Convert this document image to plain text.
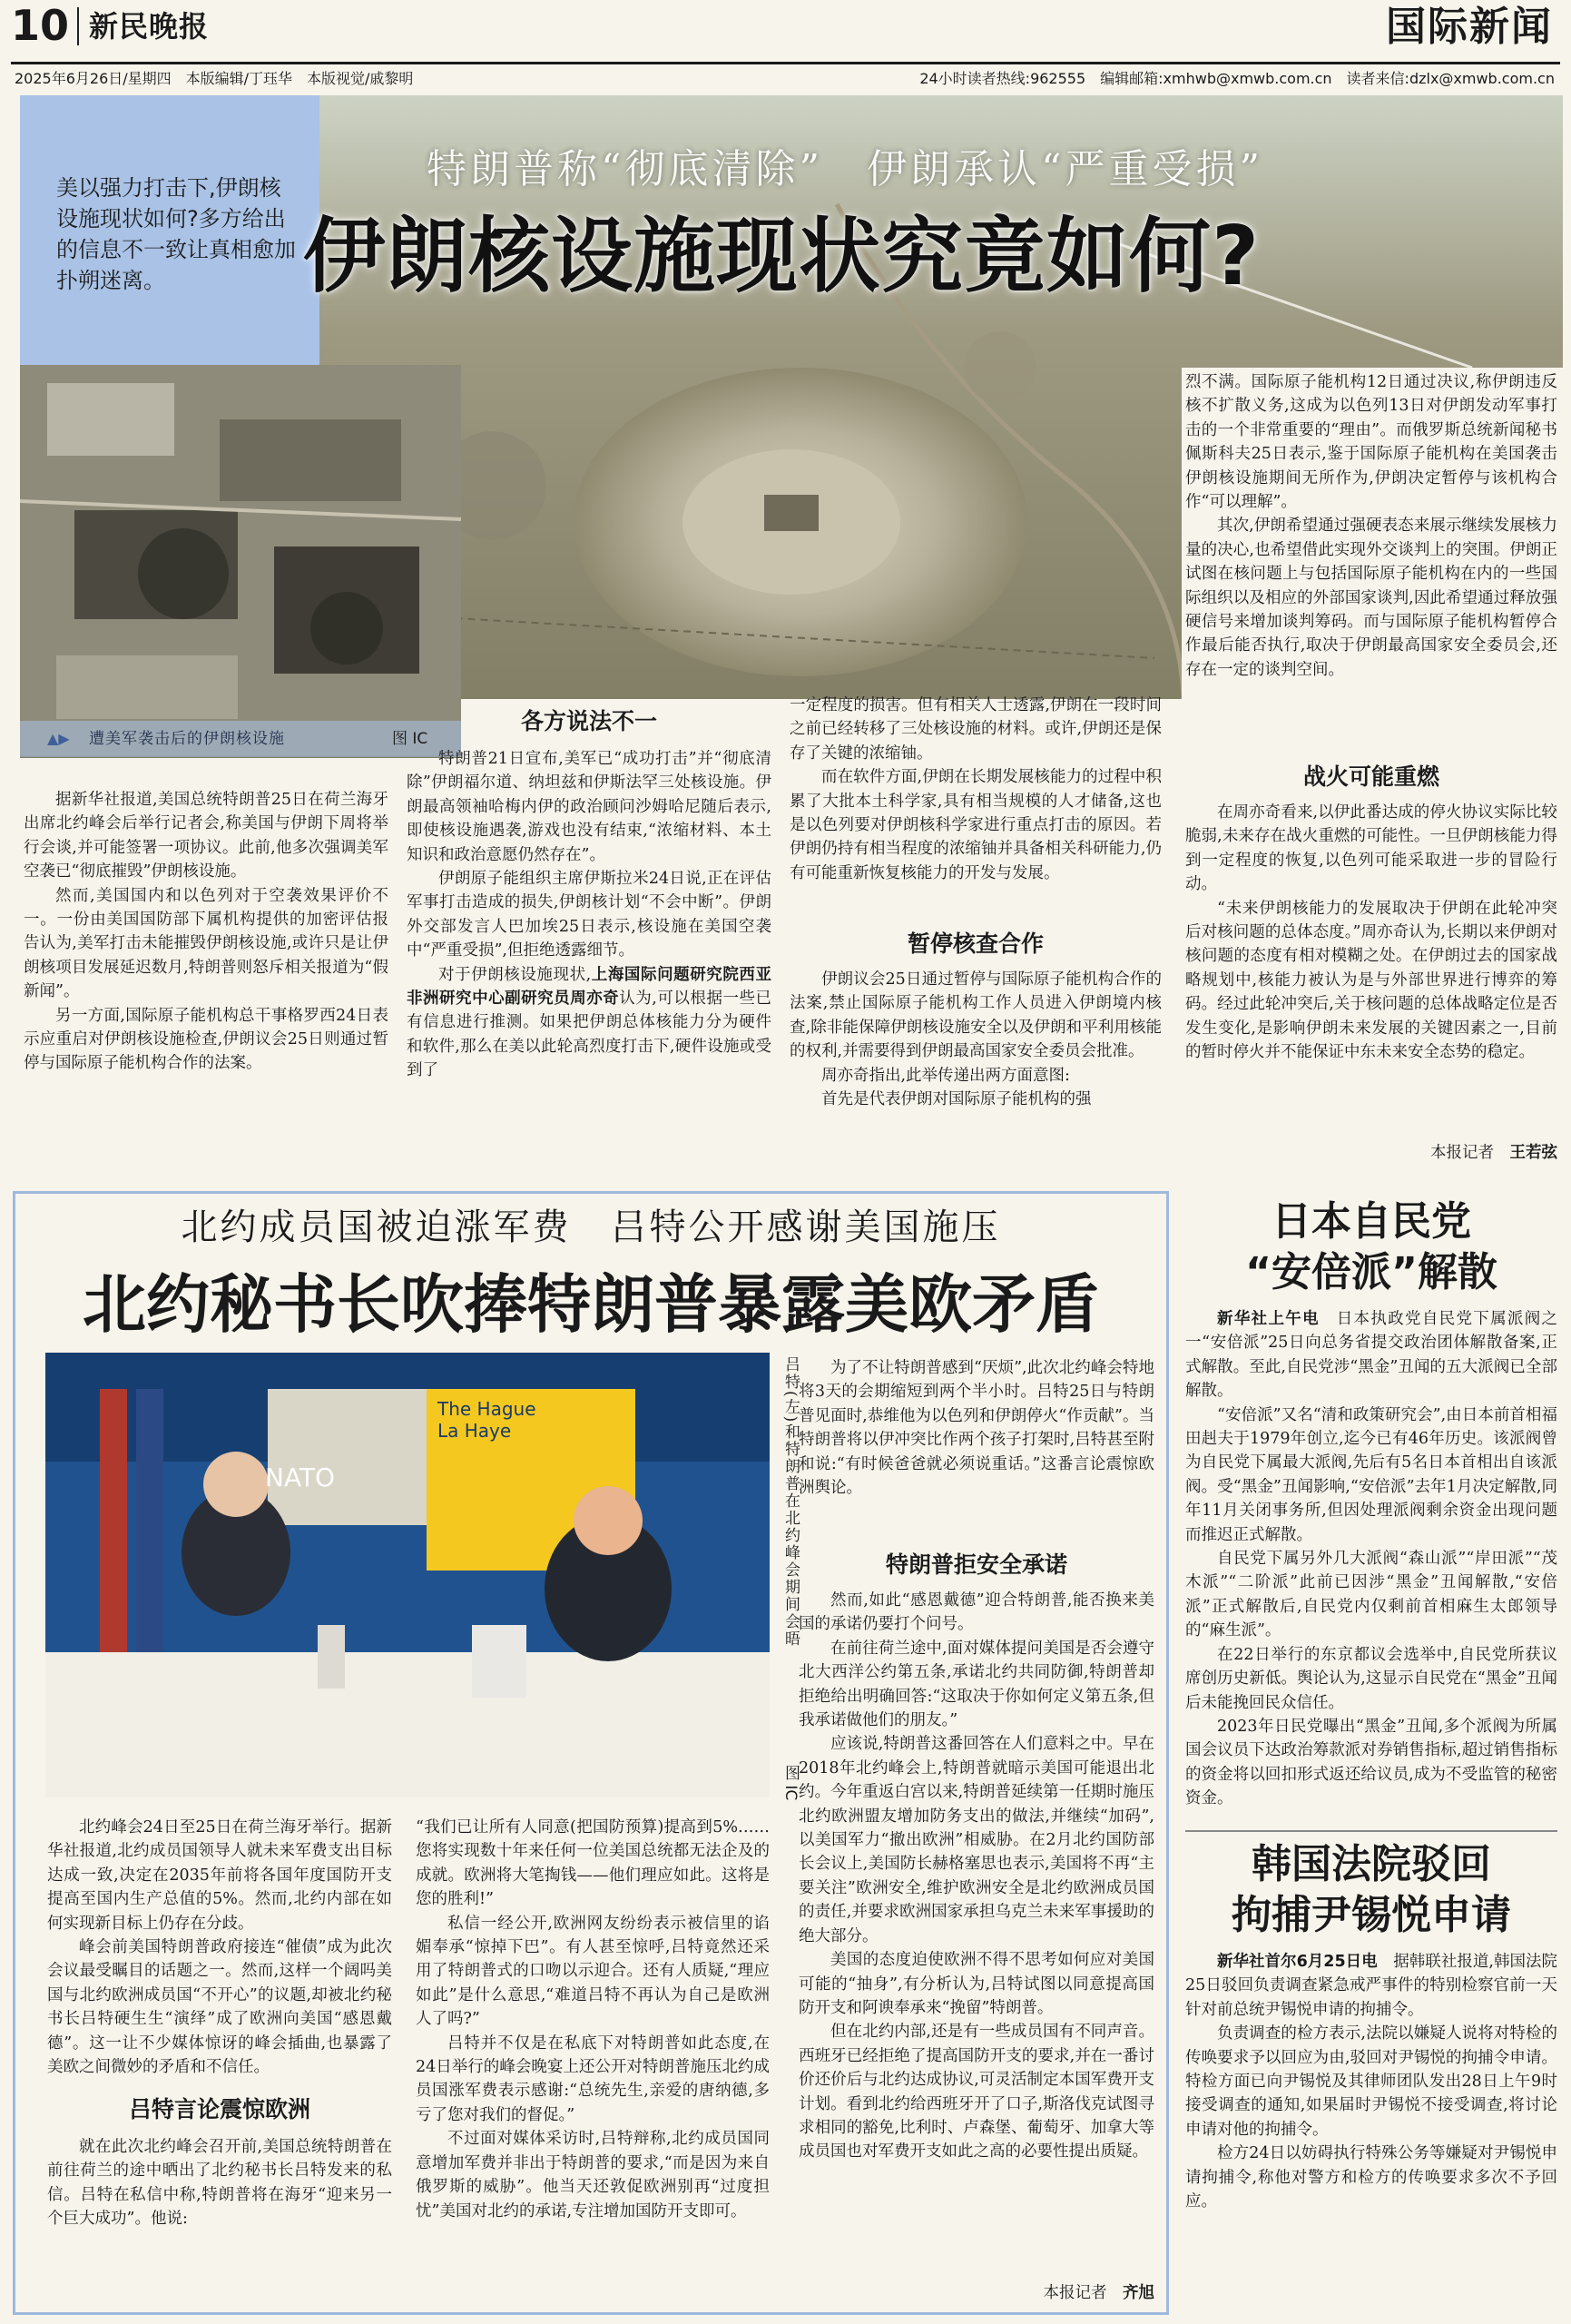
10 新民晚报	国际新闻
2025年6月26日/星期四　本版编辑/丁珏华　本版视觉/戚黎明	24小时读者热线:962555　编辑邮箱:xmhwb@xmwb.com.cn　读者来信:dzlx@xmwb.com.cn
美以强力打击下,伊朗核设施现状如何?多方给出的信息不一致让真相愈加扑朔迷离。
▲▶ 遭美军袭击后的伊朗核设施	图 IC
特朗普称“彻底清除”　伊朗承认“严重受损”
伊朗核设施现状究竟如何?

据新华社报道,美国总统特朗普25日在荷兰海牙出席北约峰会后举行记者会,称美国与伊朗下周将举行会谈,并可能签署一项协议。此前,他多次强调美军空袭已“彻底摧毁”伊朗核设施。

然而,美国国内和以色列对于空袭效果评价不一。一份由美国国防部下属机构提供的加密评估报告认为,美军打击未能摧毁伊朗核设施,或许只是让伊朗核项目发展延迟数月,特朗普则怒斥相关报道为“假新闻”。

另一方面,国际原子能机构总干事格罗西24日表示应重启对伊朗核设施检查,伊朗议会25日则通过暂停与国际原子能机构合作的法案。

各方说法不一

特朗普21日宣布,美军已“成功打击”并“彻底清除”伊朗福尔道、纳坦兹和伊斯法罕三处核设施。伊朗最高领袖哈梅内伊的政治顾问沙姆哈尼随后表示,即使核设施遇袭,游戏也没有结束,“浓缩材料、本土知识和政治意愿仍然存在”。

伊朗原子能组织主席伊斯拉米24日说,正在评估军事打击造成的损失,伊朗核计划“不会中断”。伊朗外交部发言人巴加埃25日表示,核设施在美国空袭中“严重受损”,但拒绝透露细节。

对于伊朗核设施现状,上海国际问题研究院西亚非洲研究中心副研究员周亦奇认为,可以根据一些已有信息进行推测。如果把伊朗总体核能力分为硬件和软件,那么在美以此轮高烈度打击下,硬件设施或受到了

一定程度的损害。但有相关人士透露,伊朗在一段时间之前已经转移了三处核设施的材料。或许,伊朗还是保存了关键的浓缩铀。

而在软件方面,伊朗在长期发展核能力的过程中积累了大批本土科学家,具有相当规模的人才储备,这也是以色列要对伊朗核科学家进行重点打击的原因。若伊朗仍持有相当程度的浓缩铀并具备相关科研能力,仍有可能重新恢复核能力的开发与发展。

暂停核查合作

伊朗议会25日通过暂停与国际原子能机构合作的法案,禁止国际原子能机构工作人员进入伊朗境内核查,除非能保障伊朗核设施安全以及伊朗和平利用核能的权利,并需要得到伊朗最高国家安全委员会批准。

周亦奇指出,此举传递出两方面意图:

首先是代表伊朗对国际原子能机构的强

烈不满。国际原子能机构12日通过决议,称伊朗违反核不扩散义务,这成为以色列13日对伊朗发动军事打击的一个非常重要的“理由”。而俄罗斯总统新闻秘书佩斯科夫25日表示,鉴于国际原子能机构在美国袭击伊朗核设施期间无所作为,伊朗决定暂停与该机构合作“可以理解”。

其次,伊朗希望通过强硬表态来展示继续发展核力量的决心,也希望借此实现外交谈判上的突围。伊朗正试图在核问题上与包括国际原子能机构在内的一些国际组织以及相应的外部国家谈判,因此希望通过释放强硬信号来增加谈判筹码。而与国际原子能机构暂停合作最后能否执行,取决于伊朗最高国家安全委员会,还存在一定的谈判空间。

战火可能重燃

在周亦奇看来,以伊此番达成的停火协议实际比较脆弱,未来存在战火重燃的可能性。一旦伊朗核能力得到一定程度的恢复,以色列可能采取进一步的冒险行动。

“未来伊朗核能力的发展取决于伊朗在此轮冲突后对核问题的总体态度。”周亦奇认为,长期以来伊朗对核问题的态度有相对模糊之处。在伊朗过去的国家战略规划中,核能力被认为是与外部世界进行博弈的筹码。经过此轮冲突后,关于核问题的总体战略定位是否发生变化,是影响伊朗未来发展的关键因素之一,目前的暂时停火并不能保证中东未来安全态势的稳定。

本报记者　 王若弦
北约成员国被迫涨军费　吕特公开感谢美国施压
北约秘书长吹捧特朗普暴露美欧矛盾
NATO
The Hague
La Haye	吕特(左)和特朗普在北约峰会期间会晤
图 IC

北约峰会24日至25日在荷兰海牙举行。据新华社报道,北约成员国领导人就未来军费支出目标达成一致,决定在2035年前将各国年度国防开支提高至国内生产总值的5%。然而,北约内部在如何实现新目标上仍存在分歧。

峰会前美国特朗普政府接连“催债”成为此次会议最受瞩目的话题之一。然而,这样一个阔吗美国与北约欧洲成员国“不开心”的议题,却被北约秘书长吕特硬生生“演绎”成了欧洲向美国“感恩戴德”。这一让不少媒体惊讶的峰会插曲,也暴露了美欧之间微妙的矛盾和不信任。

吕特言论震惊欧洲

就在此次北约峰会召开前,美国总统特朗普在前往荷兰的途中晒出了北约秘书长吕特发来的私信。吕特在私信中称,特朗普将在海牙“迎来另一个巨大成功”。他说:

“我们已让所有人同意(把国防预算)提高到5%……您将实现数十年来任何一位美国总统都无法企及的成就。欧洲将大笔掏钱——他们理应如此。这将是您的胜利!”

私信一经公开,欧洲网友纷纷表示被信里的谄媚奉承“惊掉下巴”。有人甚至惊呼,吕特竟然还采用了特朗普式的口吻以示迎合。还有人质疑,“理应如此”是什么意思,“难道吕特不再认为自己是欧洲人了吗?”

吕特并不仅是在私底下对特朗普如此态度,在24日举行的峰会晚宴上还公开对特朗普施压北约成员国涨军费表示感谢:“总统先生,亲爱的唐纳德,多亏了您对我们的督促。”

不过面对媒体采访时,吕特辩称,北约成员国同意增加军费并非出于特朗普的要求,“而是因为来自俄罗斯的威胁”。他当天还敦促欧洲别再“过度担忧”美国对北约的承诺,专注增加国防开支即可。

为了不让特朗普感到“厌烦”,此次北约峰会特地将3天的会期缩短到两个半小时。吕特25日与特朗普见面时,恭维他为以色列和伊朗停火“作贡献”。当特朗普将以伊冲突比作两个孩子打架时,吕特甚至附和说:“有时候爸爸就必须说重话。”这番言论震惊欧洲舆论。

特朗普拒安全承诺

然而,如此“感恩戴德”迎合特朗普,能否换来美国的承诺仍要打个问号。

在前往荷兰途中,面对媒体提问美国是否会遵守北大西洋公约第五条,承诺北约共同防御,特朗普却拒绝给出明确回答:“这取决于你如何定义第五条,但我承诺做他们的朋友。”

应该说,特朗普这番回答在人们意料之中。早在2018年北约峰会上,特朗普就暗示美国可能退出北约。今年重返白宫以来,特朗普延续第一任期时施压北约欧洲盟友增加防务支出的做法,并继续“加码”,以美国军力“撤出欧洲”相威胁。在2月北约国防部长会议上,美国防长赫格塞思也表示,美国将不再“主要关注”欧洲安全,维护欧洲安全是北约欧洲成员国的责任,并要求欧洲国家承担乌克兰未来军事援助的绝大部分。

美国的态度迫使欧洲不得不思考如何应对美国可能的“抽身”,有分析认为,吕特试图以同意提高国防开支和阿谀奉承来“挽留”特朗普。

但在北约内部,还是有一些成员国有不同声音。西班牙已经拒绝了提高国防开支的要求,并在一番讨价还价后与北约达成协议,可灵活制定本国军费开支计划。看到北约给西班牙开了口子,斯洛伐克试图寻求相同的豁免,比利时、卢森堡、葡萄牙、加拿大等成员国也对军费开支如此之高的必要性提出质疑。

本报记者　 齐旭
日本自民党
“安倍派”解散

新华社上午电　 日本执政党自民党下属派阀之一“安倍派”25日向总务省提交政治团体解散备案,正式解散。至此,自民党涉“黑金”丑闻的五大派阀已全部解散。

“安倍派”又名“清和政策研究会”,由日本前首相福田赳夫于1979年创立,迄今已有46年历史。该派阀曾为自民党下属最大派阀,先后有5名日本首相出自该派阀。受“黑金”丑闻影响,“安倍派”去年1月决定解散,同年11月关闭事务所,但因处理派阀剩余资金出现问题而推迟正式解散。

自民党下属另外几大派阀“森山派”“岸田派”“茂木派”“二阶派”此前已因涉“黑金”丑闻解散,“安倍派”正式解散后,自民党内仅剩前首相麻生太郎领导的“麻生派”。

在22日举行的东京都议会选举中,自民党所获议席创历史新低。舆论认为,这显示自民党在“黑金”丑闻后未能挽回民众信任。

2023年日民党曝出“黑金”丑闻,多个派阀为所属国会议员下达政治筹款派对券销售指标,超过销售指标的资金将以回扣形式返还给议员,成为不受监管的秘密资金。

韩国法院驳回
拘捕尹锡悦申请

新华社首尔6月25日电　 据韩联社报道,韩国法院25日驳回负责调查紧急戒严事件的特别检察官前一天针对前总统尹锡悦申请的拘捕令。

负责调查的检方表示,法院以嫌疑人说将对特检的传唤要求予以回应为由,驳回对尹锡悦的拘捕令申请。特检方面已向尹锡悦及其律师团队发出28日上午9时接受调查的通知,如果届时尹锡悦不接受调查,将讨论申请对他的拘捕令。

检方24日以妨碍执行特殊公务等嫌疑对尹锡悦申请拘捕令,称他对警方和检方的传唤要求多次不予回应。
